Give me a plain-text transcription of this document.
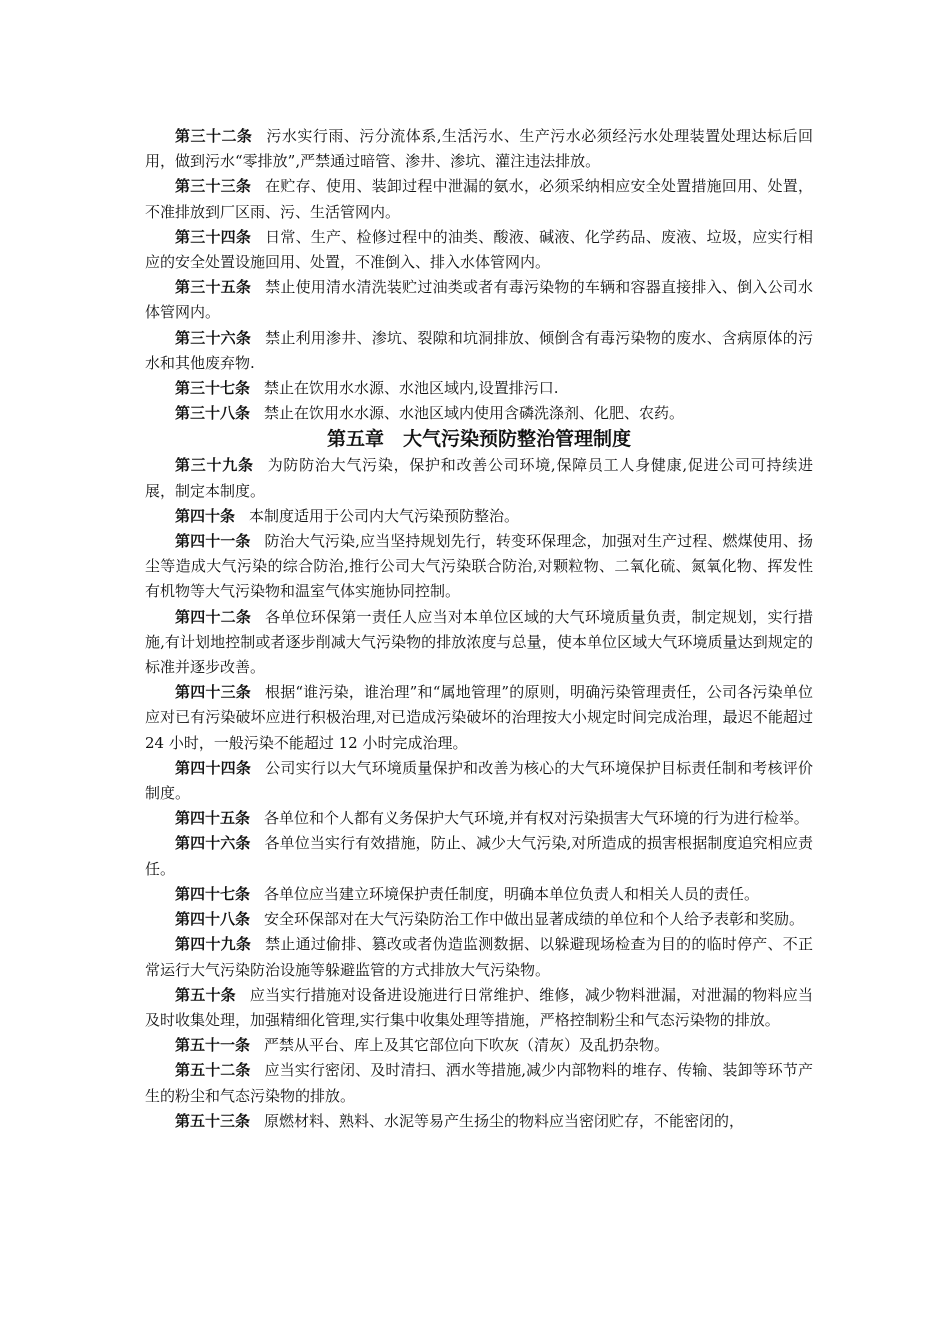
第三十二条 污水实行雨、污分流体系,生活污水、生产污水必须经污水处理装置处理达标后回用，做到污水“零排放”,严禁通过暗管、渗井、渗坑、灌注违法排放。

第三十三条 在贮存、使用、装卸过程中泄漏的氨水，必须采纳相应安全处置措施回用、处置，不准排放到厂区雨、污、生活管网内。

第三十四条 日常、生产、检修过程中的油类、酸液、碱液、化学药品、废液、垃圾，应实行相应的安全处置设施回用、处置，不准倒入、排入水体管网内。

第三十五条 禁止使用清水清洗装贮过油类或者有毒污染物的车辆和容器直接排入、倒入公司水体管网内。

第三十六条 禁止利用渗井、渗坑、裂隙和坑洞排放、倾倒含有毒污染物的废水、含病原体的污水和其他废弃物.

第三十七条 禁止在饮用水水源、水池区域内,设置排污口.

第三十八条 禁止在饮用水水源、水池区域内使用含磷洗涤剂、化肥、农药。

第五章　大气污染预防整治管理制度

第三十九条 为防防治大气污染，保护和改善公司环境,保障员工人身健康,促进公司可持续进展，制定本制度。

第四十条 本制度适用于公司内大气污染预防整治。

第四十一条 防治大气污染,应当坚持规划先行，转变环保理念，加强对生产过程、燃煤使用、扬尘等造成大气污染的综合防治,推行公司大气污染联合防治,对颗粒物、二氧化硫、氮氧化物、挥发性有机物等大气污染物和温室气体实施协同控制。

第四十二条 各单位环保第一责任人应当对本单位区域的大气环境质量负责，制定规划，实行措施,有计划地控制或者逐步削减大气污染物的排放浓度与总量，使本单位区域大气环境质量达到规定的标准并逐步改善。

第四十三条 根据“谁污染，谁治理”和“属地管理”的原则，明确污染管理责任，公司各污染单位应对已有污染破坏应进行积极治理,对已造成污染破坏的治理按大小规定时间完成治理，最迟不能超过 24 小时，一般污染不能超过 12 小时完成治理。

第四十四条 公司实行以大气环境质量保护和改善为核心的大气环境保护目标责任制和考核评价制度。

第四十五条 各单位和个人都有义务保护大气环境,并有权对污染损害大气环境的行为进行检举。

第四十六条 各单位当实行有效措施，防止、减少大气污染,对所造成的损害根据制度追究相应责任。

第四十七条 各单位应当建立环境保护责任制度，明确本单位负责人和相关人员的责任。

第四十八条 安全环保部对在大气污染防治工作中做出显著成绩的单位和个人给予表彰和奖励。

第四十九条 禁止通过偷排、篡改或者伪造监测数据、以躲避现场检查为目的的临时停产、不正常运行大气污染防治设施等躲避监管的方式排放大气污染物。

第五十条 应当实行措施对设备进设施进行日常维护、维修，减少物料泄漏，对泄漏的物料应当及时收集处理，加强精细化管理,实行集中收集处理等措施，严格控制粉尘和气态污染物的排放。

第五十一条 严禁从平台、库上及其它部位向下吹灰（清灰）及乱扔杂物。

第五十二条 应当实行密闭、及时清扫、洒水等措施,减少内部物料的堆存、传输、装卸等环节产生的粉尘和气态污染物的排放。

第五十三条 原燃材料、熟料、水泥等易产生扬尘的物料应当密闭贮存，不能密闭的，
